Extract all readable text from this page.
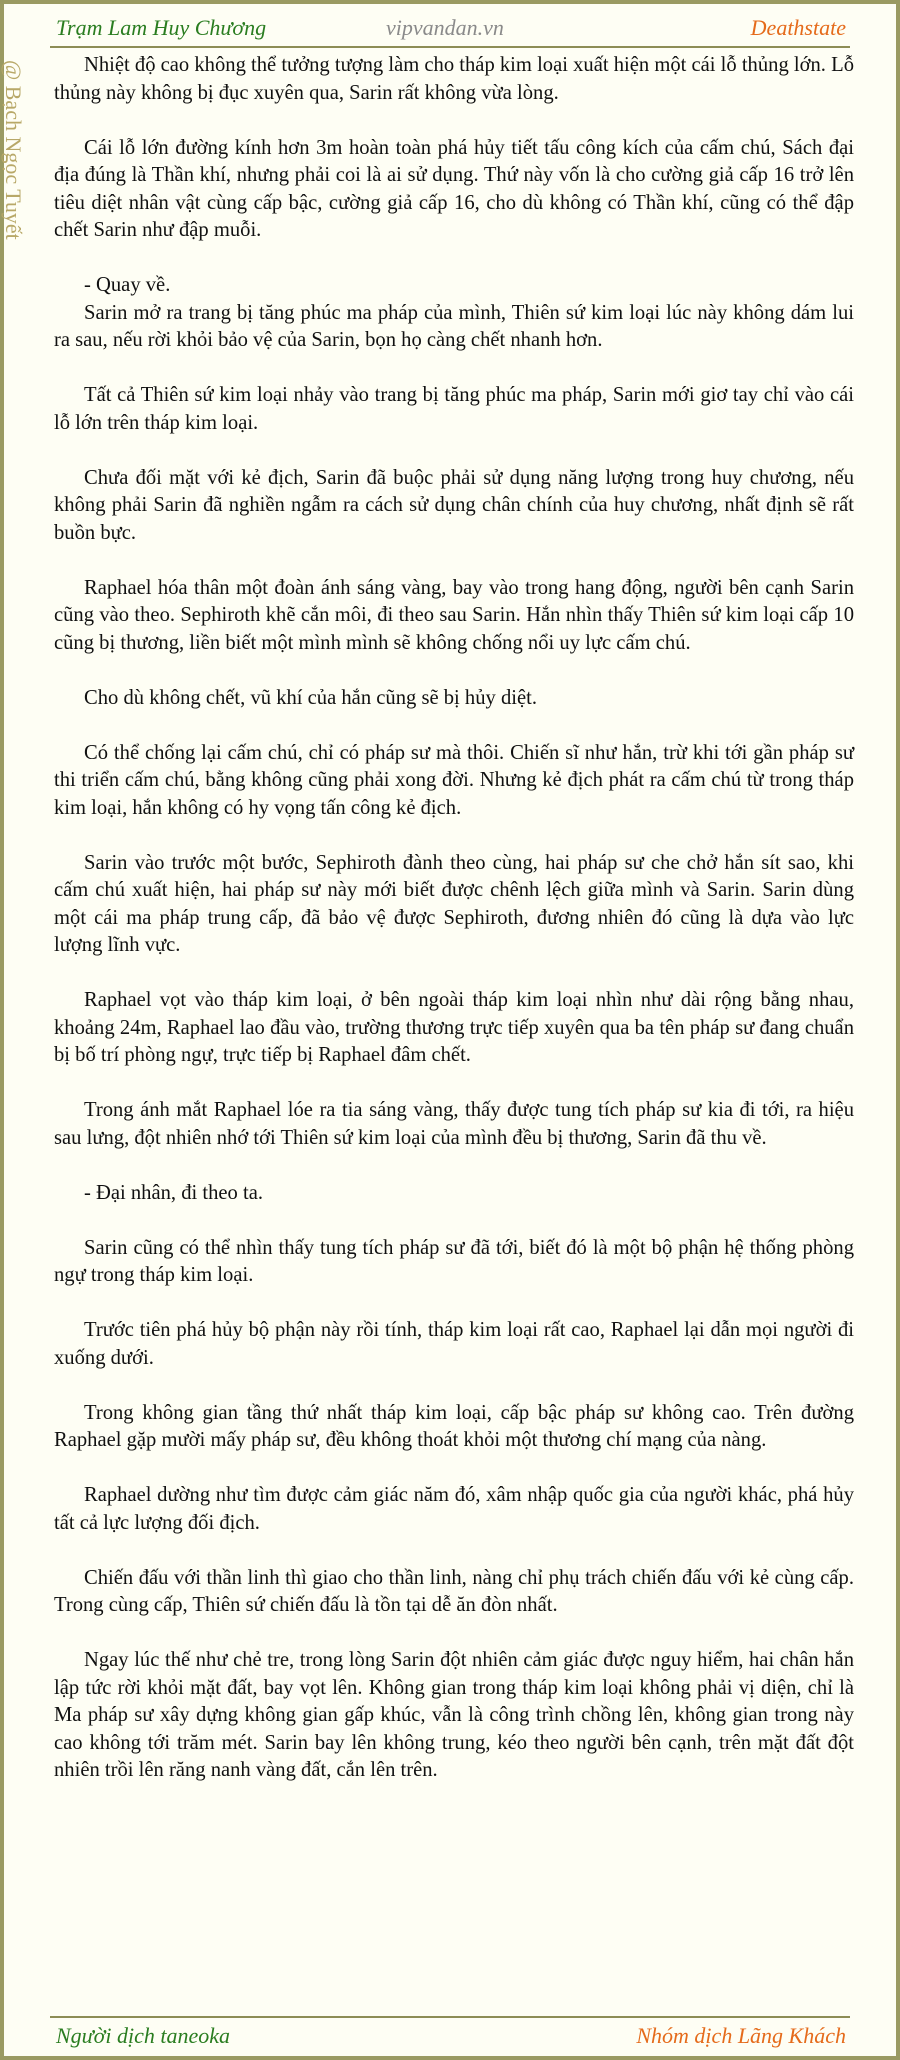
Trạm Lam Huy Chương	vipvandan.vn	Deathstate
@ Bạch Ngọc Tuyết	Nhiệt độ cao không thể tưởng tượng làm cho tháp kim loại xuất hiện một cái lỗ thủng lớn. Lỗ thủng này không bị đục xuyên qua, Sarin rất không vừa lòng.

Cái lỗ lớn đường kính hơn 3m hoàn toàn phá hủy tiết tấu công kích của cấm chú, Sách đại địa đúng là Thần khí, nhưng phải coi là ai sử dụng. Thứ này vốn là cho cường giả cấp 16 trở lên tiêu diệt nhân vật cùng cấp bậc, cường giả cấp 16, cho dù không có Thần khí, cũng có thể đập chết Sarin như đập muỗi.

- Quay về.

Sarin mở ra trang bị tăng phúc ma pháp của mình, Thiên sứ kim loại lúc này không dám lui ra sau, nếu rời khỏi bảo vệ của Sarin, bọn họ càng chết nhanh hơn.

Tất cả Thiên sứ kim loại nhảy vào trang bị tăng phúc ma pháp, Sarin mới giơ tay chỉ vào cái lỗ lớn trên tháp kim loại.

Chưa đối mặt với kẻ địch, Sarin đã buộc phải sử dụng năng lượng trong huy chương, nếu không phải Sarin đã nghiền ngẫm ra cách sử dụng chân chính của huy chương, nhất định sẽ rất buồn bực.

Raphael hóa thân một đoàn ánh sáng vàng, bay vào trong hang động, người bên cạnh Sarin cũng vào theo. Sephiroth khẽ cắn môi, đi theo sau Sarin. Hắn nhìn thấy Thiên sứ kim loại cấp 10 cũng bị thương, liền biết một mình mình sẽ không chống nổi uy lực cấm chú.

Cho dù không chết, vũ khí của hắn cũng sẽ bị hủy diệt.

Có thể chống lại cấm chú, chỉ có pháp sư mà thôi. Chiến sĩ như hắn, trừ khi tới gần pháp sư thi triển cấm chú, bằng không cũng phải xong đời. Nhưng kẻ địch phát ra cấm chú từ trong tháp kim loại, hắn không có hy vọng tấn công kẻ địch.

Sarin vào trước một bước, Sephiroth đành theo cùng, hai pháp sư che chở hắn sít sao, khi cấm chú xuất hiện, hai pháp sư này mới biết được chênh lệch giữa mình và Sarin. Sarin dùng một cái ma pháp trung cấp, đã bảo vệ được Sephiroth, đương nhiên đó cũng là dựa vào lực lượng lĩnh vực.

Raphael vọt vào tháp kim loại, ở bên ngoài tháp kim loại nhìn như dài rộng bằng nhau, khoảng 24m, Raphael lao đầu vào, trường thương trực tiếp xuyên qua ba tên pháp sư đang chuẩn bị bố trí phòng ngự, trực tiếp bị Raphael đâm chết.

Trong ánh mắt Raphael lóe ra tia sáng vàng, thấy được tung tích pháp sư kia đi tới, ra hiệu sau lưng, đột nhiên nhớ tới Thiên sứ kim loại của mình đều bị thương, Sarin đã thu về.

- Đại nhân, đi theo ta.

Sarin cũng có thể nhìn thấy tung tích pháp sư đã tới, biết đó là một bộ phận hệ thống phòng ngự trong tháp kim loại.

Trước tiên phá hủy bộ phận này rồi tính, tháp kim loại rất cao, Raphael lại dẫn mọi người đi xuống dưới.

Trong không gian tầng thứ nhất tháp kim loại, cấp bậc pháp sư không cao. Trên đường Raphael gặp mười mấy pháp sư, đều không thoát khỏi một thương chí mạng của nàng.

Raphael dường như tìm được cảm giác năm đó, xâm nhập quốc gia của người khác, phá hủy tất cả lực lượng đối địch.

Chiến đấu với thần linh thì giao cho thần linh, nàng chỉ phụ trách chiến đấu với kẻ cùng cấp. Trong cùng cấp, Thiên sứ chiến đấu là tồn tại dễ ăn đòn nhất.

Ngay lúc thế như chẻ tre, trong lòng Sarin đột nhiên cảm giác được nguy hiểm, hai chân hắn lập tức rời khỏi mặt đất, bay vọt lên. Không gian trong tháp kim loại không phải vị diện, chỉ là Ma pháp sư xây dựng không gian gấp khúc, vẫn là công trình chồng lên, không gian trong này cao không tới trăm mét. Sarin bay lên không trung, kéo theo người bên cạnh, trên mặt đất đột nhiên trồi lên răng nanh vàng đất, cắn lên trên.

Người dịch taneoka	Nhóm dịch Lãng Khách
